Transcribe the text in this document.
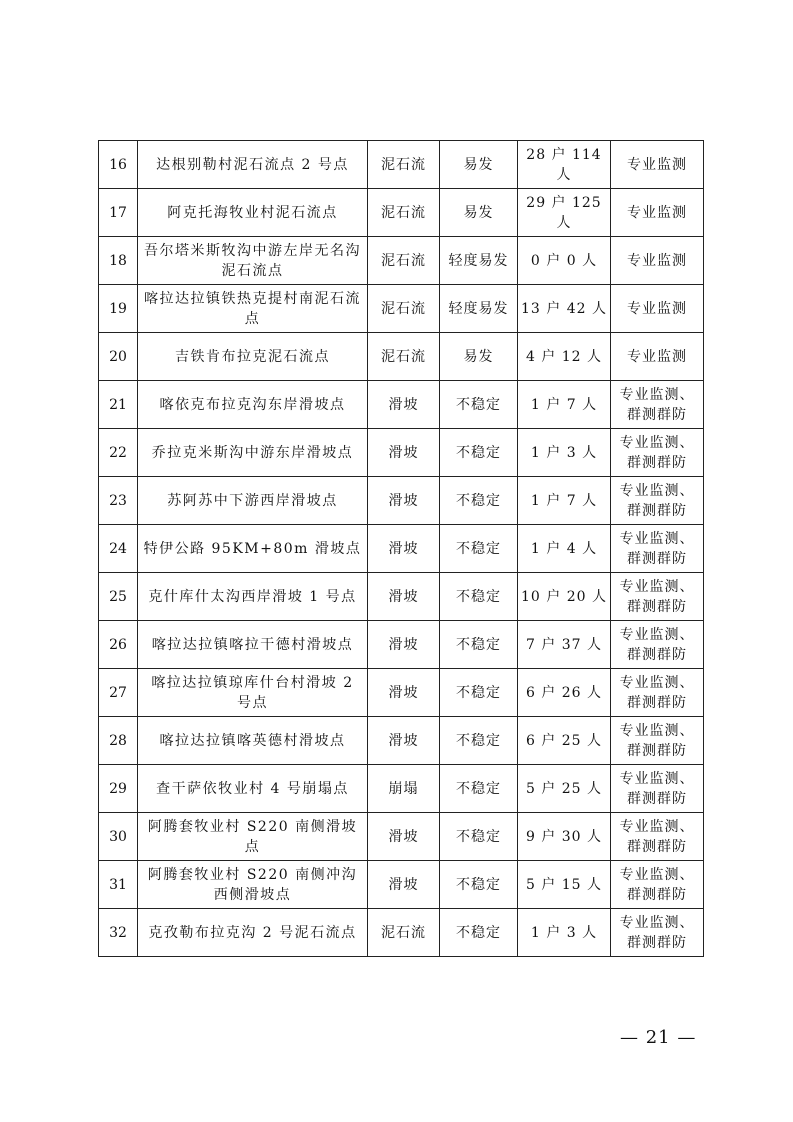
16	达根别勒村泥石流点 2 号点	泥石流	易发	28 户 114 人	专业监测
17	阿克托海牧业村泥石流点	泥石流	易发	29 户 125 人	专业监测
18	吾尔塔米斯牧沟中游左岸无名沟泥石流点	泥石流	轻度易发	0 户 0 人	专业监测
19	喀拉达拉镇铁热克提村南泥石流点	泥石流	轻度易发	13 户 42 人	专业监测
20	吉铁肯布拉克泥石流点	泥石流	易发	4 户 12 人	专业监测
21	喀依克布拉克沟东岸滑坡点	滑坡	不稳定	1 户 7 人	专业监测、群测群防
22	乔拉克米斯沟中游东岸滑坡点	滑坡	不稳定	1 户 3 人	专业监测、群测群防
23	苏阿苏中下游西岸滑坡点	滑坡	不稳定	1 户 7 人	专业监测、群测群防
24	特伊公路 95KM+80m 滑坡点	滑坡	不稳定	1 户 4 人	专业监测、群测群防
25	克什库什太沟西岸滑坡 1 号点	滑坡	不稳定	10 户 20 人	专业监测、群测群防
26	喀拉达拉镇喀拉干德村滑坡点	滑坡	不稳定	7 户 37 人	专业监测、群测群防
27	喀拉达拉镇琼库什台村滑坡 2 号点	滑坡	不稳定	6 户 26 人	专业监测、群测群防
28	喀拉达拉镇喀英德村滑坡点	滑坡	不稳定	6 户 25 人	专业监测、群测群防
29	查干萨依牧业村 4 号崩塌点	崩塌	不稳定	5 户 25 人	专业监测、群测群防
30	阿腾套牧业村 S220 南侧滑坡点	滑坡	不稳定	9 户 30 人	专业监测、群测群防
31	阿腾套牧业村 S220 南侧冲沟西侧滑坡点	滑坡	不稳定	5 户 15 人	专业监测、群测群防
32	克孜勒布拉克沟 2 号泥石流点	泥石流	不稳定	1 户 3 人	专业监测、群测群防
— 21 —
